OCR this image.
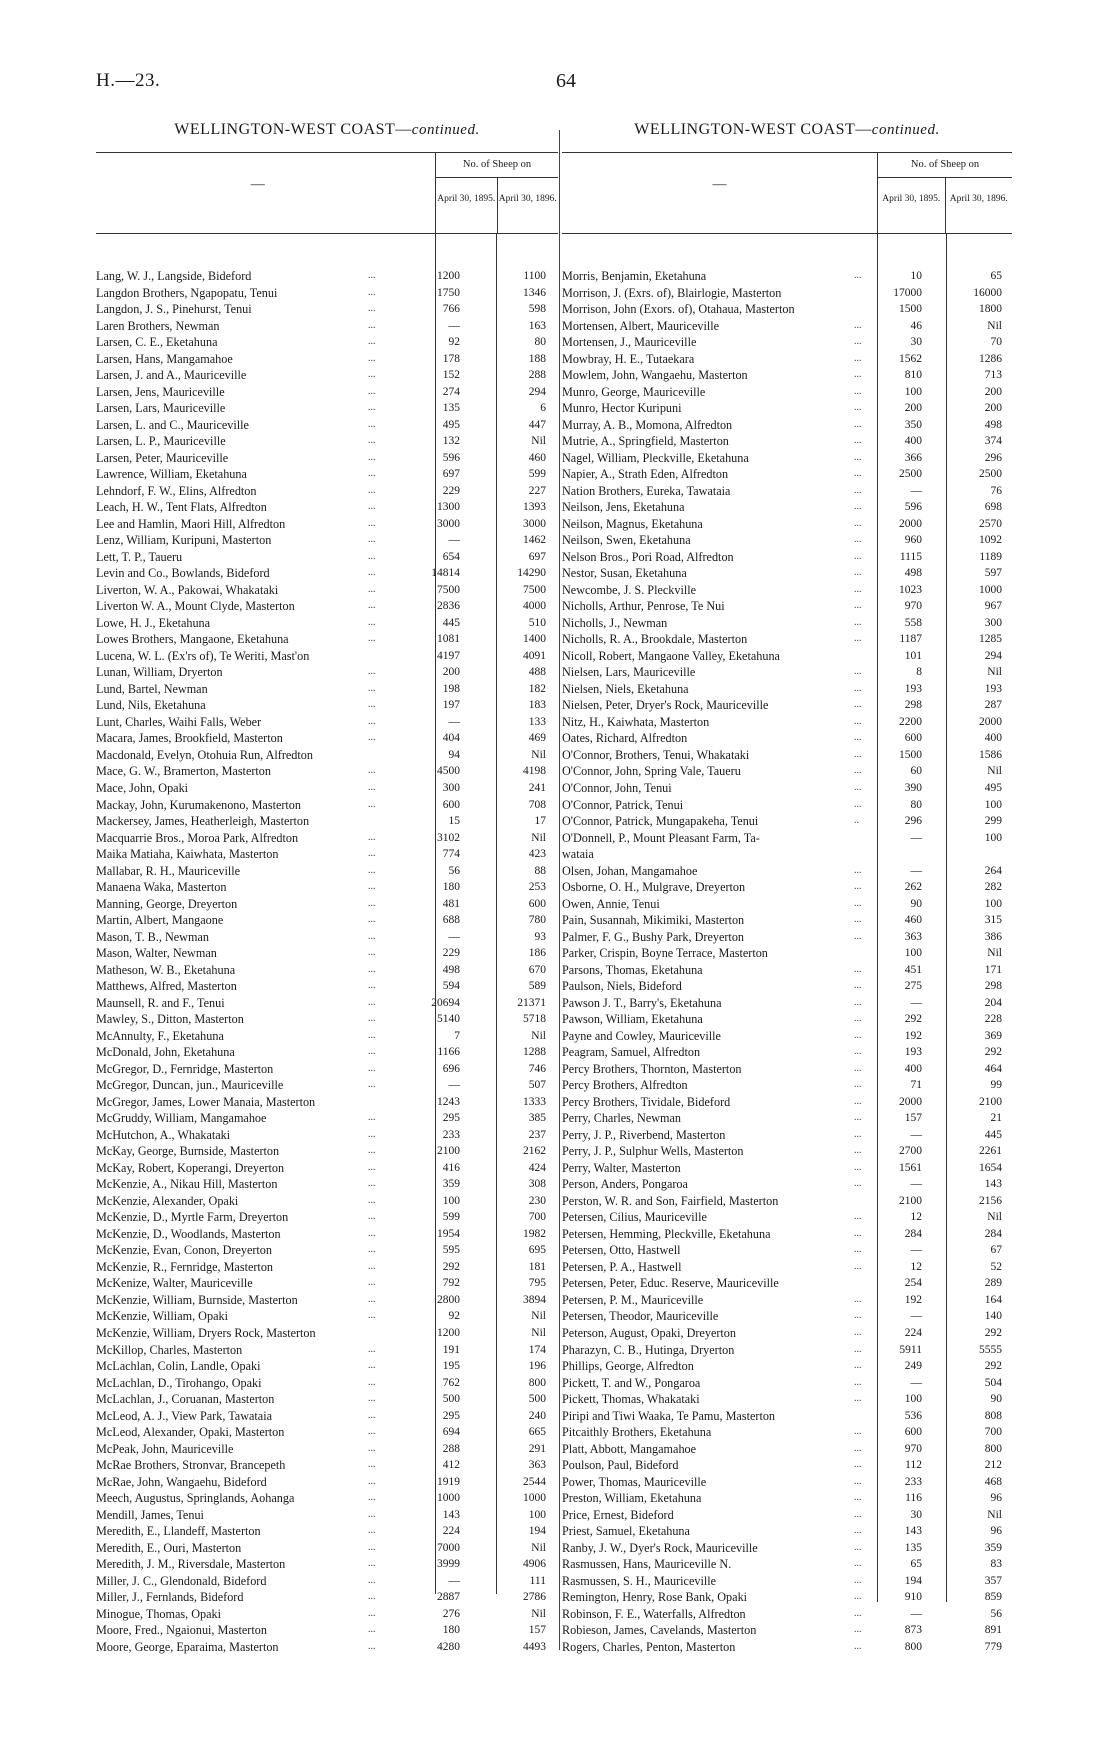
H.—23.	64
WELLINGTON-WEST COAST—continued.
—
No. of Sheep on
April 30, 1895. April 30, 1896.
Lang, W. J., Langside, Bideford	...	1200	1100
Langdon Brothers, Ngapopatu, Tenui	...	1750	1346
Langdon, J. S., Pinehurst, Tenui	...	766	598
Laren Brothers, Newman	...	—	163
Larsen, C. E., Eketahuna	...	92	80
Larsen, Hans, Mangamahoe	...	178	188
Larsen, J. and A., Mauriceville	...	152	288
Larsen, Jens, Mauriceville	...	274	294
Larsen, Lars, Mauriceville	...	135	6
Larsen, L. and C., Mauriceville	...	495	447
Larsen, L. P., Mauriceville	...	132	Nil
Larsen, Peter, Mauriceville	...	596	460
Lawrence, William, Eketahuna	...	697	599
Lehndorf, F. W., Elins, Alfredton	...	229	227
Leach, H. W., Tent Flats, Alfredton	...	1300	1393
Lee and Hamlin, Maori Hill, Alfredton	...	3000	3000
Lenz, William, Kuripuni, Masterton	...	—	1462
Lett, T. P., Taueru	...	654	697
Levin and Co., Bowlands, Bideford	...	14814	14290
Liverton, W. A., Pakowai, Whakataki	...	7500	7500
Liverton W. A., Mount Clyde, Masterton	...	2836	4000
Lowe, H. J., Eketahuna	...	445	510
Lowes Brothers, Mangaone, Eketahuna	...	1081	1400
Lucena, W. L. (Ex'rs of), Te Weriti, Mast'on	4197	4091
Lunan, William, Dryerton	...	200	488
Lund, Bartel, Newman	...	198	182
Lund, Nils, Eketahuna	...	197	183
Lunt, Charles, Waihi Falls, Weber	...	—	133
Macara, James, Brookfield, Masterton	...	404	469
Macdonald, Evelyn, Otohuia Run, Alfredton	94	Nil
Mace, G. W., Bramerton, Masterton	...	4500	4198
Mace, John, Opaki	...	300	241
Mackay, John, Kurumakenono, Masterton	...	600	708
Mackersey, James, Heatherleigh, Masterton	15	17
Macquarrie Bros., Moroa Park, Alfredton	...	3102	Nil
Maika Matiaha, Kaiwhata, Masterton	...	774	423
Mallabar, R. H., Mauriceville	...	56	88
Manaena Waka, Masterton	...	180	253
Manning, George, Dreyerton	...	481	600
Martin, Albert, Mangaone	...	688	780
Mason, T. B., Newman	...	—	93
Mason, Walter, Newman	...	229	186
Matheson, W. B., Eketahuna	...	498	670
Matthews, Alfred, Masterton	...	594	589
Maunsell, R. and F., Tenui	...	20694	21371
Mawley, S., Ditton, Masterton	...	5140	5718
McAnnulty, F., Eketahuna	...	7	Nil
McDonald, John, Eketahuna	...	1166	1288
McGregor, D., Fernridge, Masterton	...	696	746
McGregor, Duncan, jun., Mauriceville	...	—	507
McGregor, James, Lower Manaia, Masterton	1243	1333
McGruddy, William, Mangamahoe	...	295	385
McHutchon, A., Whakataki	...	233	237
McKay, George, Burnside, Masterton	...	2100	2162
McKay, Robert, Koperangi, Dreyerton	...	416	424
McKenzie, A., Nikau Hill, Masterton	...	359	308
McKenzie, Alexander, Opaki	...	100	230
McKenzie, D., Myrtle Farm, Dreyerton	...	599	700
McKenzie, D., Woodlands, Masterton	...	1954	1982
McKenzie, Evan, Conon, Dreyerton	...	595	695
McKenzie, R., Fernridge, Masterton	...	292	181
McKenize, Walter, Mauriceville	...	792	795
McKenzie, William, Burnside, Masterton	...	2800	3894
McKenzie, William, Opaki	...	92	Nil
McKenzie, William, Dryers Rock, Masterton	1200	Nil
McKillop, Charles, Masterton	...	191	174
McLachlan, Colin, Landle, Opaki	...	195	196
McLachlan, D., Tirohango, Opaki	...	762	800
McLachlan, J., Coruanan, Masterton	...	500	500
McLeod, A. J., View Park, Tawataia	...	295	240
McLeod, Alexander, Opaki, Masterton	...	694	665
McPeak, John, Mauriceville	...	288	291
McRae Brothers, Stronvar, Brancepeth	...	412	363
McRae, John, Wangaehu, Bideford	...	1919	2544
Meech, Augustus, Springlands, Aohanga	...	1000	1000
Mendill, James, Tenui	...	143	100
Meredith, E., Llandeff, Masterton	...	224	194
Meredith, E., Ouri, Masterton	...	7000	Nil
Meredith, J. M., Riversdale, Masterton	...	3999	4906
Miller, J. C., Glendonald, Bideford	...	—	111
Miller, J., Fernlands, Bideford	...	2887	2786
Minogue, Thomas, Opaki	...	276	Nil
Moore, Fred., Ngaionui, Masterton	...	180	157
Moore, George, Eparaima, Masterton	...	4280	4493
WELLINGTON-WEST COAST—continued.
—
No. of Sheep on
April 30, 1895. April 30, 1896.
Morris, Benjamin, Eketahuna	...	10	65
Morrison, J. (Exrs. of), Blairlogie, Masterton	17000	16000
Morrison, John (Exors. of), Otahaua, Masterton	1500	1800
Mortensen, Albert, Mauriceville	...	46	Nil
Mortensen, J., Mauriceville	...	30	70
Mowbray, H. E., Tutaekara	...	1562	1286
Mowlem, John, Wangaehu, Masterton	...	810	713
Munro, George, Mauriceville	...	100	200
Munro, Hector Kuripuni	...	200	200
Murray, A. B., Momona, Alfredton	...	350	498
Mutrie, A., Springfield, Masterton	...	400	374
Nagel, William, Pleckville, Eketahuna	...	366	296
Napier, A., Strath Eden, Alfredton	...	2500	2500
Nation Brothers, Eureka, Tawataia	...	—	76
Neilson, Jens, Eketahuna	...	596	698
Neilson, Magnus, Eketahuna	...	2000	2570
Neilson, Swen, Eketahuna	...	960	1092
Nelson Bros., Pori Road, Alfredton	...	1115	1189
Nestor, Susan, Eketahuna	...	498	597
Newcombe, J. S. Pleckville	...	1023	1000
Nicholls, Arthur, Penrose, Te Nui	...	970	967
Nicholls, J., Newman	...	558	300
Nicholls, R. A., Brookdale, Masterton	...	1187	1285
Nicoll, Robert, Mangaone Valley, Eketahuna	101	294
Nielsen, Lars, Mauriceville	...	8	Nil
Nielsen, Niels, Eketahuna	...	193	193
Nielsen, Peter, Dryer's Rock, Mauriceville	...	298	287
Nitz, H., Kaiwhata, Masterton	...	2200	2000
Oates, Richard, Alfredton	...	600	400
O'Connor, Brothers, Tenui, Whakataki	...	1500	1586
O'Connor, John, Spring Vale, Taueru	...	60	Nil
O'Connor, John, Tenui	...	390	495
O'Connor, Patrick, Tenui	...	80	100
O'Connor, Patrick, Mungapakeha, Tenui	..	296	299
O'Donnell, P., Mount Pleasant Farm, Ta-	—	100
wataia
Olsen, Johan, Mangamahoe	...	—	264
Osborne, O. H., Mulgrave, Dreyerton	...	262	282
Owen, Annie, Tenui	...	90	100
Pain, Susannah, Mikimiki, Masterton	...	460	315
Palmer, F. G., Bushy Park, Dreyerton	...	363	386
Parker, Crispin, Boyne Terrace, Masterton	100	Nil
Parsons, Thomas, Eketahuna	...	451	171
Paulson, Niels, Bideford	...	275	298
Pawson J. T., Barry's, Eketahuna	...	—	204
Pawson, William, Eketahuna	...	292	228
Payne and Cowley, Mauriceville	...	192	369
Peagram, Samuel, Alfredton	...	193	292
Percy Brothers, Thornton, Masterton	...	400	464
Percy Brothers, Alfredton	...	71	99
Percy Brothers, Tividale, Bideford	...	2000	2100
Perry, Charles, Newman	...	157	21
Perry, J. P., Riverbend, Masterton	...	—	445
Perry, J. P., Sulphur Wells, Masterton	...	2700	2261
Perry, Walter, Masterton	...	1561	1654
Person, Anders, Pongaroa	...	—	143
Perston, W. R. and Son, Fairfield, Masterton	2100	2156
Petersen, Cilius, Mauriceville	...	12	Nil
Petersen, Hemming, Pleckville, Eketahuna	...	284	284
Petersen, Otto, Hastwell	...	—	67
Petersen, P. A., Hastwell	...	12	52
Petersen, Peter, Educ. Reserve, Mauriceville	254	289
Petersen, P. M., Mauriceville	...	192	164
Petersen, Theodor, Mauriceville	...	—	140
Peterson, August, Opaki, Dreyerton	...	224	292
Pharazyn, C. B., Hutinga, Dryerton	...	5911	5555
Phillips, George, Alfredton	...	249	292
Pickett, T. and W., Pongaroa	...	—	504
Pickett, Thomas, Whakataki	...	100	90
Piripi and Tiwi Waaka, Te Pamu, Masterton	536	808
Pitcaithly Brothers, Eketahuna	...	600	700
Platt, Abbott, Mangamahoe	...	970	800
Poulson, Paul, Bideford	...	112	212
Power, Thomas, Mauriceville	...	233	468
Preston, William, Eketahuna	...	116	96
Price, Ernest, Bideford	...	30	Nil
Priest, Samuel, Eketahuna	...	143	96
Ranby, J. W., Dyer's Rock, Mauriceville	...	135	359
Rasmussen, Hans, Mauriceville N.	...	65	83
Rasmussen, S. H., Mauriceville	...	194	357
Remington, Henry, Rose Bank, Opaki	...	910	859
Robinson, F. E., Waterfalls, Alfredton	...	—	56
Robieson, James, Cavelands, Masterton	...	873	891
Rogers, Charles, Penton, Masterton	...	800	779
